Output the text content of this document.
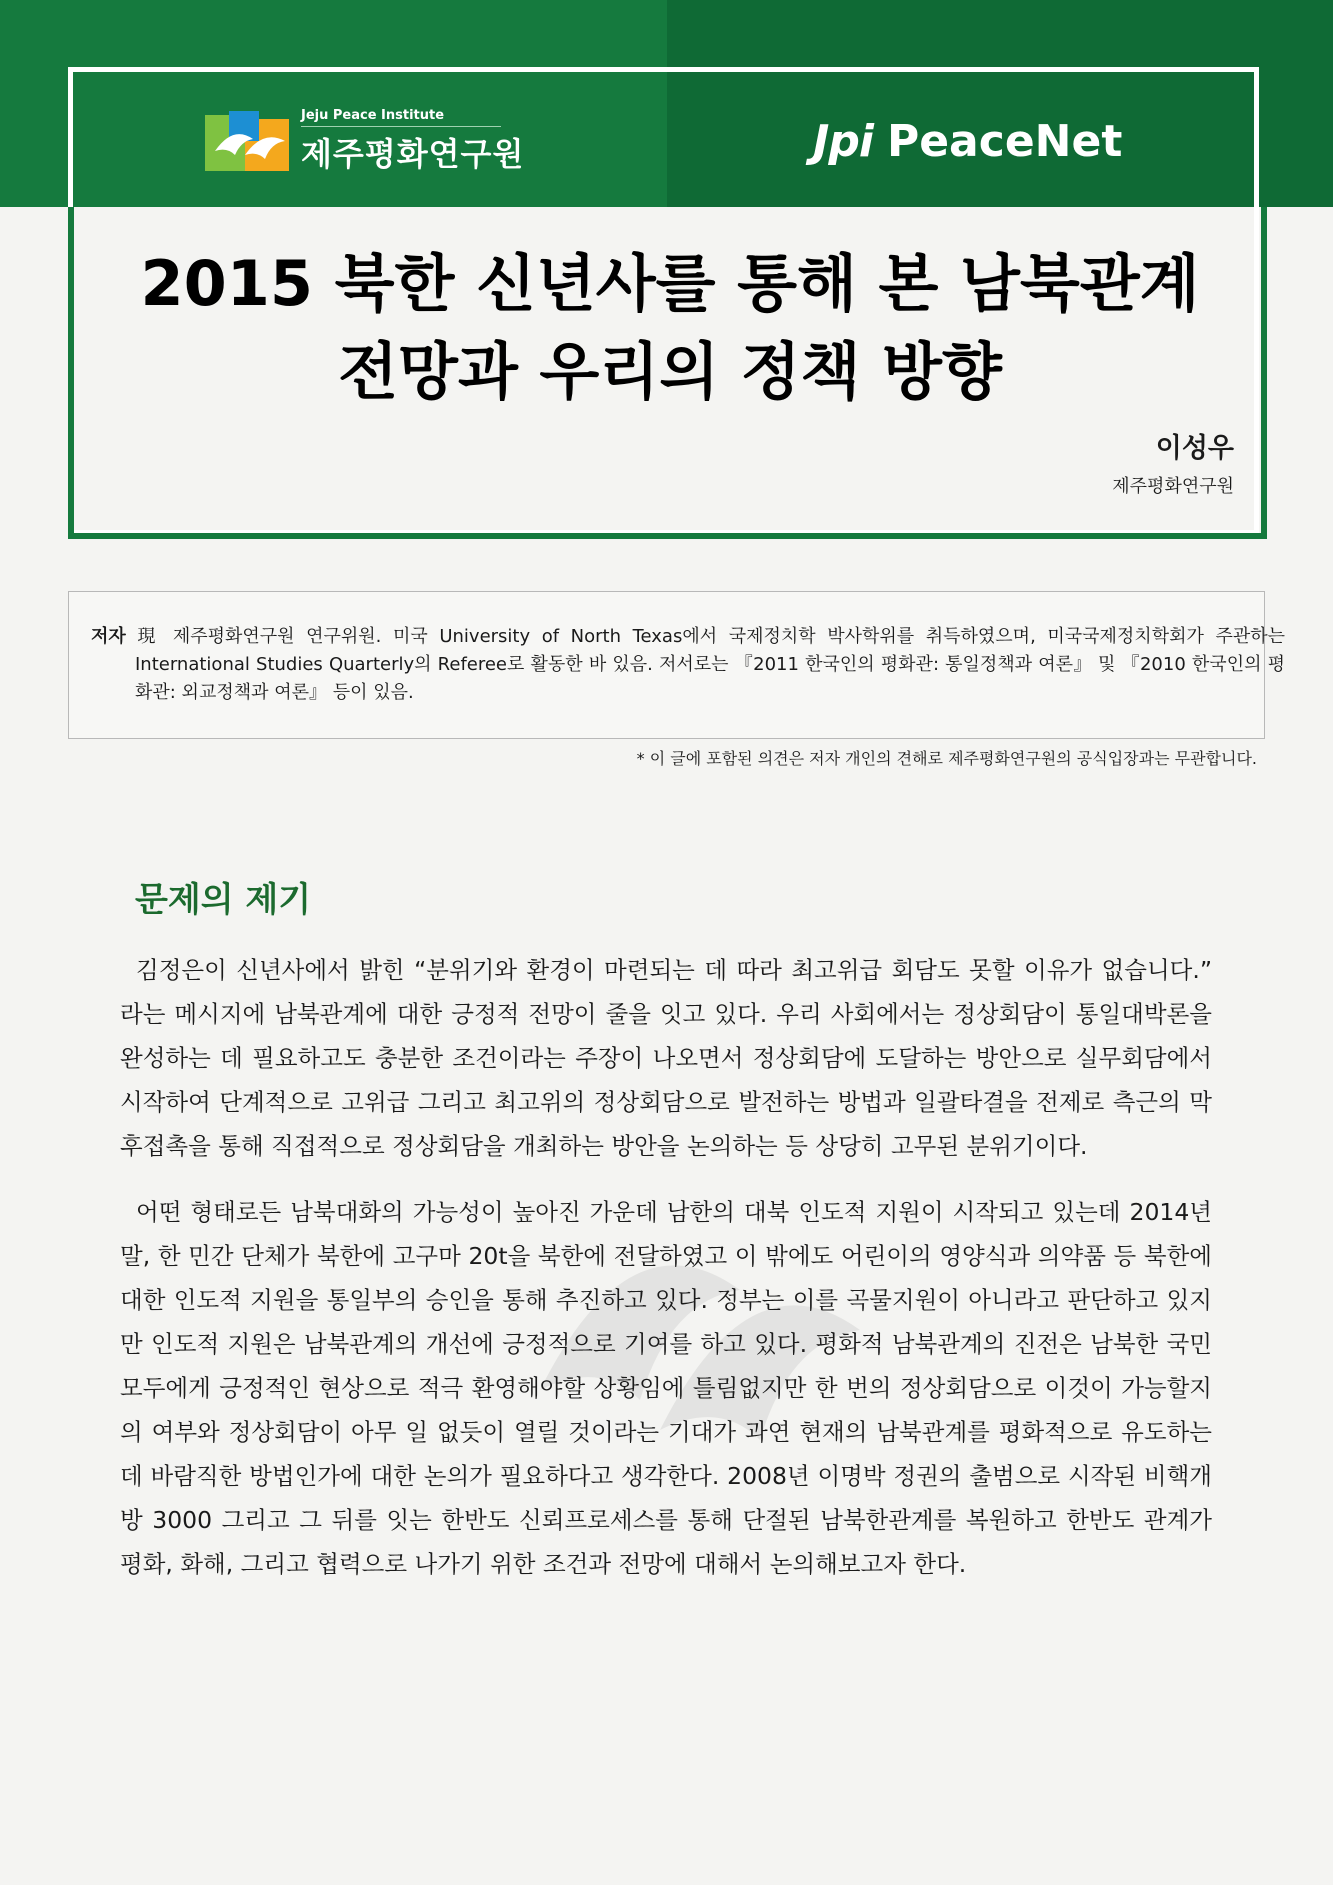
Jeju Peace Institute
제주평화연구원	Jpi PeaceNet
2015 북한 신년사를 통해 본 남북관계
전망과 우리의 정책 방향
이성우
제주평화연구원
저자 現 제주평화연구원 연구위원. 미국 University of North Texas에서 국제정치학 박사학위를 취득하였으며, 미국국제정치학회가 주관하는 International Studies Quarterly의 Referee로 활동한 바 있음. 저서로는 『2011 한국인의 평화관: 통일정책과 여론』 및 『2010 한국인의 평화관: 외교정책과 여론』 등이 있음.
* 이 글에 포함된 의견은 저자 개인의 견해로 제주평화연구원의 공식입장과는 무관합니다.
문제의 제기

김정은이 신년사에서 밝힌 “분위기와 환경이 마련되는 데 따라 최고위급 회담도 못할 이유가 없습니다.” 라는 메시지에 남북관계에 대한 긍정적 전망이 줄을 잇고 있다. 우리 사회에서는 정상회담이 통일대박론을 완성하는 데 필요하고도 충분한 조건이라는 주장이 나오면서 정상회담에 도달하는 방안으로 실무회담에서 시작하여 단계적으로 고위급 그리고 최고위의 정상회담으로 발전하는 방법과 일괄타결을 전제로 측근의 막후접촉을 통해 직접적으로 정상회담을 개최하는 방안을 논의하는 등 상당히 고무된 분위기이다.

어떤 형태로든 남북대화의 가능성이 높아진 가운데 남한의 대북 인도적 지원이 시작되고 있는데 2014년 말, 한 민간 단체가 북한에 고구마 20t을 북한에 전달하였고 이 밖에도 어린이의 영양식과 의약품 등 북한에 대한 인도적 지원을 통일부의 승인을 통해 추진하고 있다. 정부는 이를 곡물지원이 아니라고 판단하고 있지만 인도적 지원은 남북관계의 개선에 긍정적으로 기여를 하고 있다. 평화적 남북관계의 진전은 남북한 국민 모두에게 긍정적인 현상으로 적극 환영해야할 상황임에 틀림없지만 한 번의 정상회담으로 이것이 가능할지의 여부와 정상회담이 아무 일 없듯이 열릴 것이라는 기대가 과연 현재의 남북관계를 평화적으로 유도하는 데 바람직한 방법인가에 대한 논의가 필요하다고 생각한다. 2008년 이명박 정권의 출범으로 시작된 비핵개방 3000 그리고 그 뒤를 잇는 한반도 신뢰프로세스를 통해 단절된 남북한관계를 복원하고 한반도 관계가 평화, 화해, 그리고 협력으로 나가기 위한 조건과 전망에 대해서 논의해보고자 한다.
